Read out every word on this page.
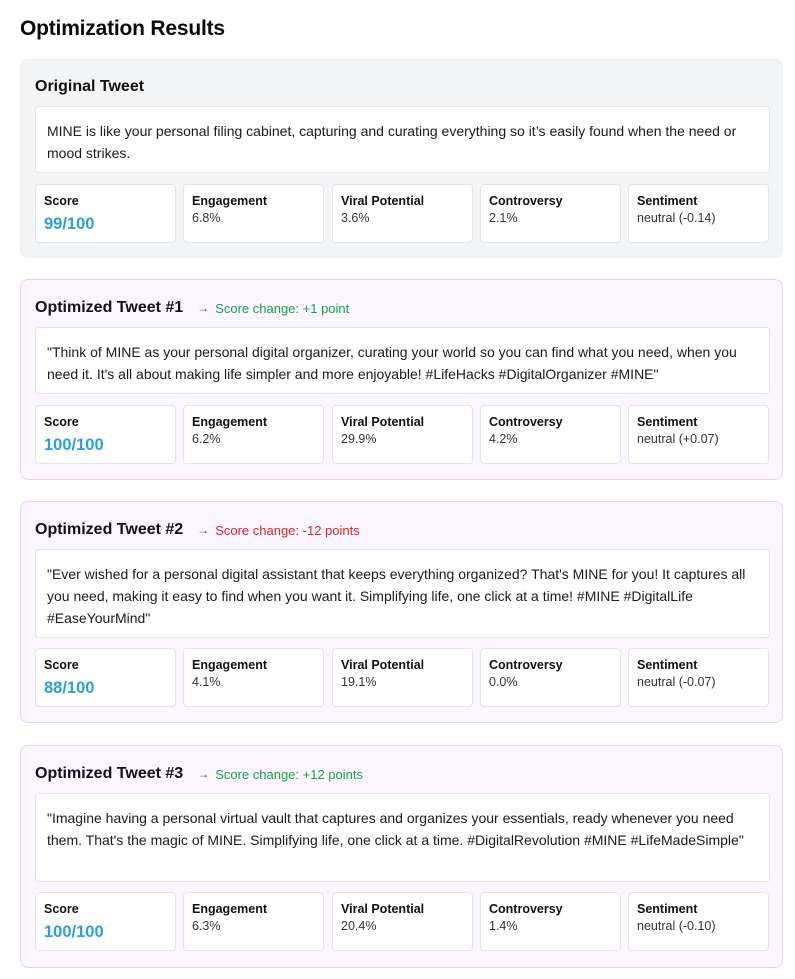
Optimization Results
Original Tweet
MINE is like your personal filing cabinet, capturing and curating everything so it’s easily found when the need or mood strikes.
Score
99/100
Engagement
6.8%
Viral Potential
3.6%
Controversy
2.1%
Sentiment
neutral (-0.14)
Optimized Tweet #1 → Score change: +1 point
"Think of MINE as your personal digital organizer, curating your world so you can find what you need, when you need it. It's all about making life simpler and more enjoyable! #LifeHacks #DigitalOrganizer #MINE"
Score
100/100
Engagement
6.2%
Viral Potential
29.9%
Controversy
4.2%
Sentiment
neutral (+0.07)
Optimized Tweet #2 → Score change: -12 points
"Ever wished for a personal digital assistant that keeps everything organized? That's MINE for you! It captures all you need, making it easy to find when you want it. Simplifying life, one click at a time! #MINE #DigitalLife #EaseYourMind"
Score
88/100
Engagement
4.1%
Viral Potential
19.1%
Controversy
0.0%
Sentiment
neutral (-0.07)
Optimized Tweet #3 → Score change: +12 points
"Imagine having a personal virtual vault that captures and organizes your essentials, ready whenever you need them. That's the magic of MINE. Simplifying life, one click at a time. #DigitalRevolution #MINE #LifeMadeSimple"
Score
100/100
Engagement
6.3%
Viral Potential
20.4%
Controversy
1.4%
Sentiment
neutral (-0.10)
